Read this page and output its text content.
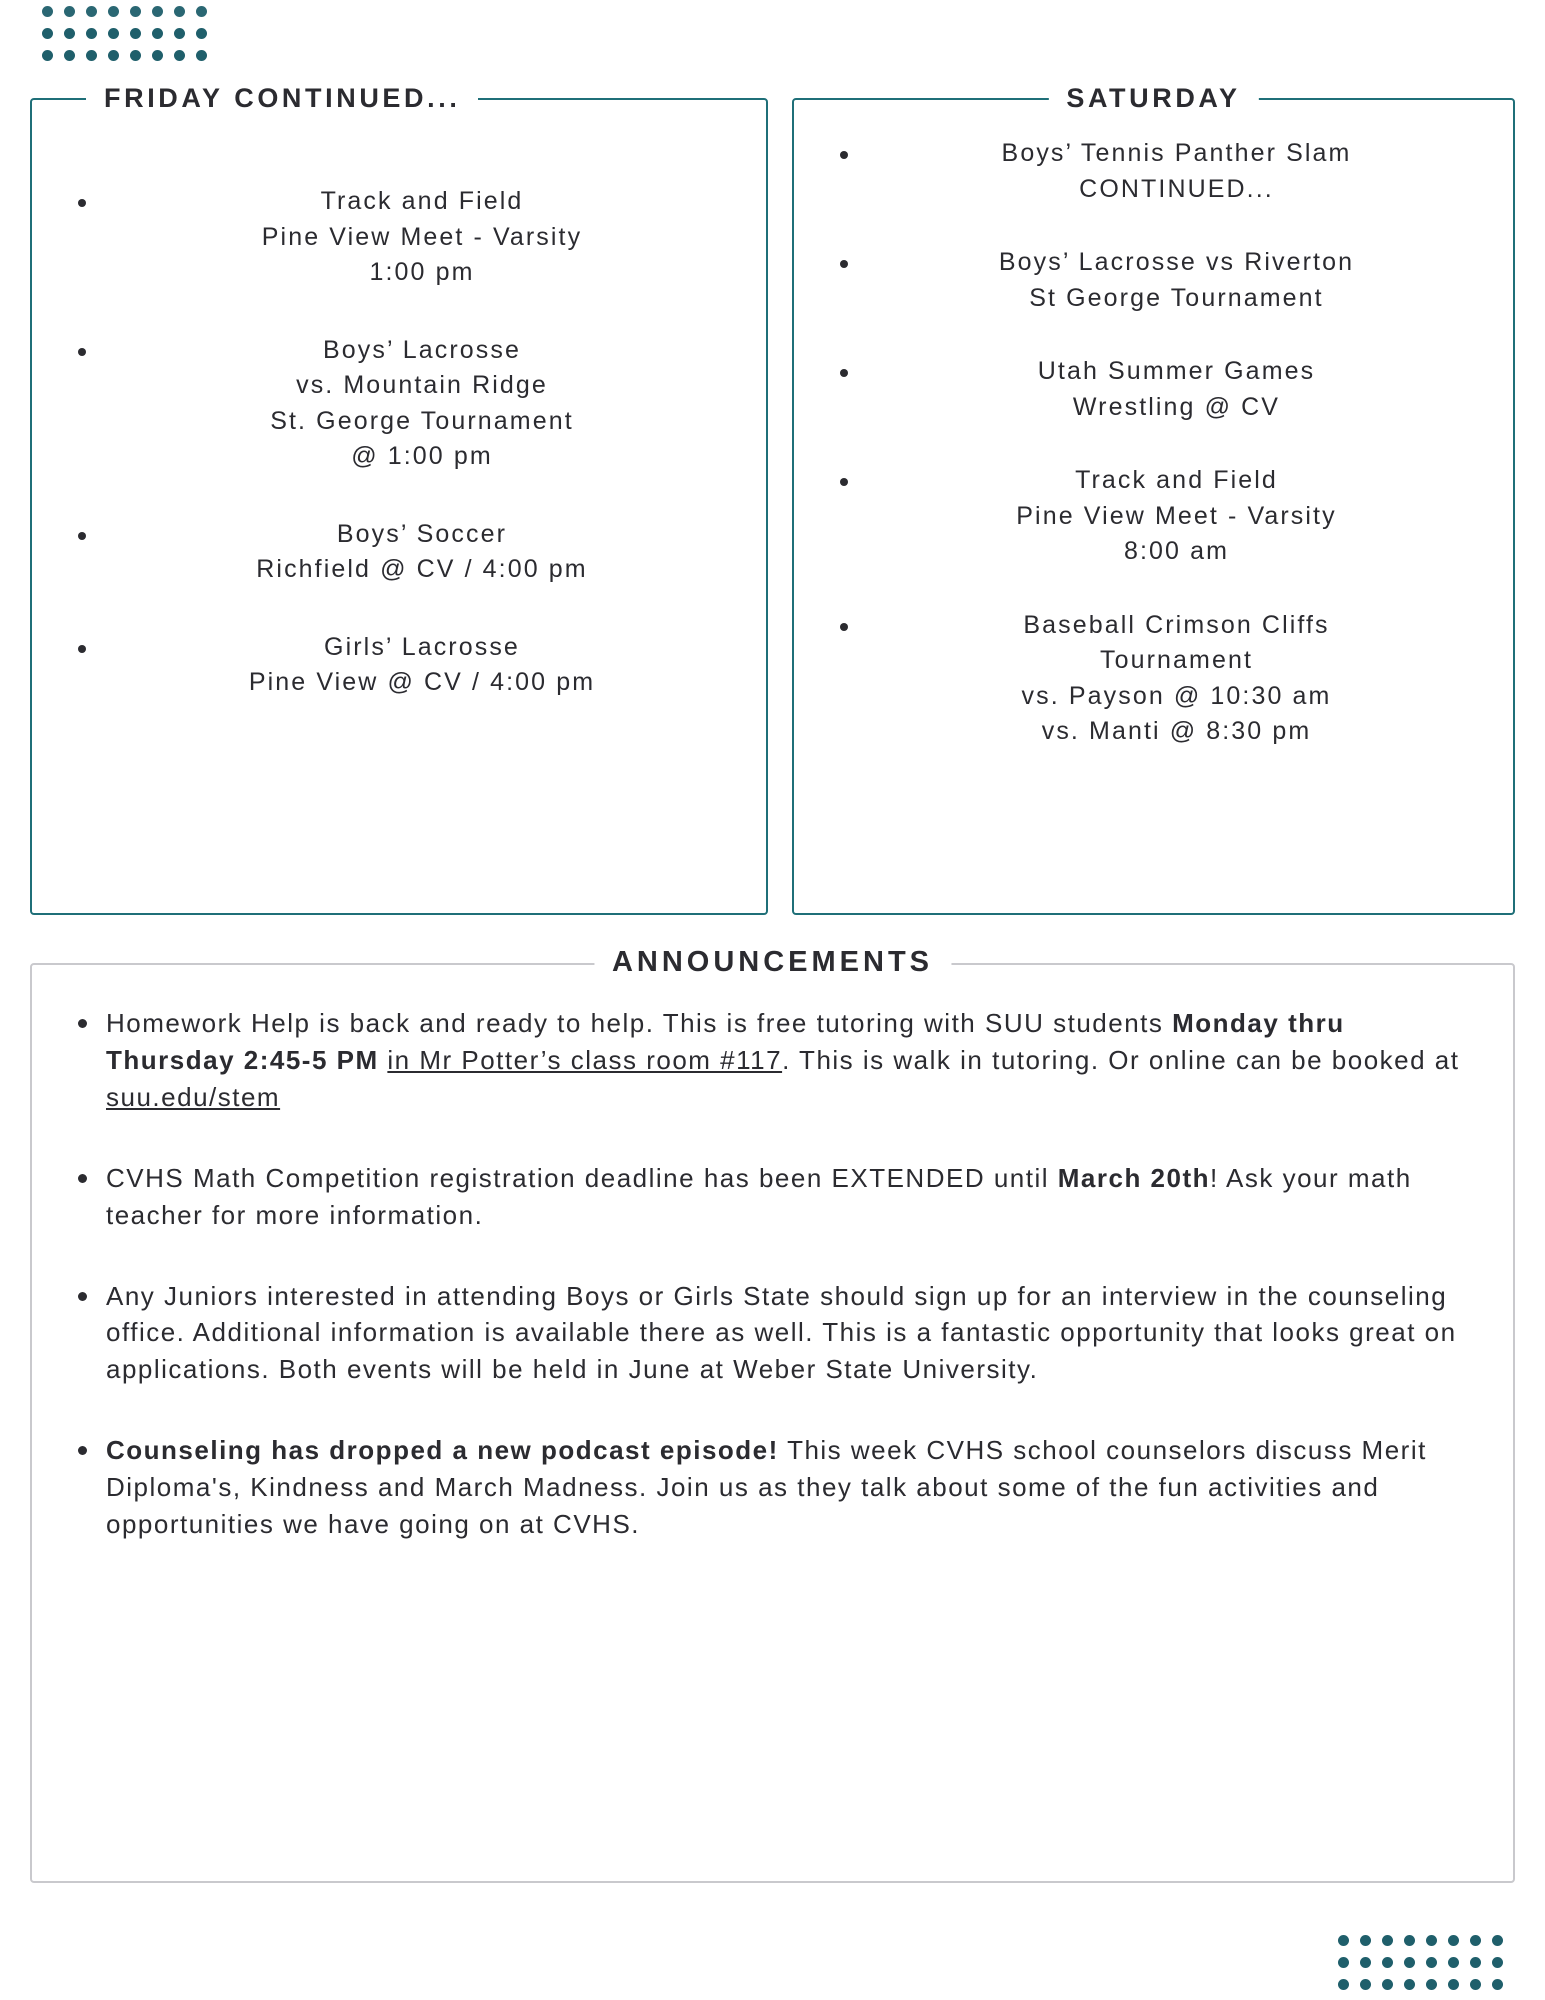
FRIDAY CONTINUED...
Track and Field
Pine View Meet - Varsity
1:00 pm
Boys’ Lacrosse
vs. Mountain Ridge
St. George Tournament
@ 1:00 pm
Boys’ Soccer
Richfield @ CV / 4:00 pm
Girls’ Lacrosse
Pine View @ CV / 4:00 pm
SATURDAY
Boys’ Tennis Panther Slam
CONTINUED...
Boys’ Lacrosse vs Riverton
St George Tournament
Utah Summer Games
Wrestling @ CV
Track and Field
Pine View Meet - Varsity
8:00 am
Baseball Crimson Cliffs
Tournament
vs. Payson @ 10:30 am
vs. Manti @ 8:30 pm
ANNOUNCEMENTS
Homework Help is back and ready to help. This is free tutoring with SUU students Monday thru Thursday 2:45-5 PM in Mr Potter’s class room #117. This is walk in tutoring. Or online can be booked at suu.edu/stem
CVHS Math Competition registration deadline has been EXTENDED until March 20th! Ask your math teacher for more information.
Any Juniors interested in attending Boys or Girls State should sign up for an interview in the counseling office. Additional information is available there as well. This is a fantastic opportunity that looks great on applications. Both events will be held in June at Weber State University.
Counseling has dropped a new podcast episode! This week CVHS school counselors discuss Merit Diploma's, Kindness and March Madness. Join us as they talk about some of the fun activities and opportunities we have going on at CVHS.
